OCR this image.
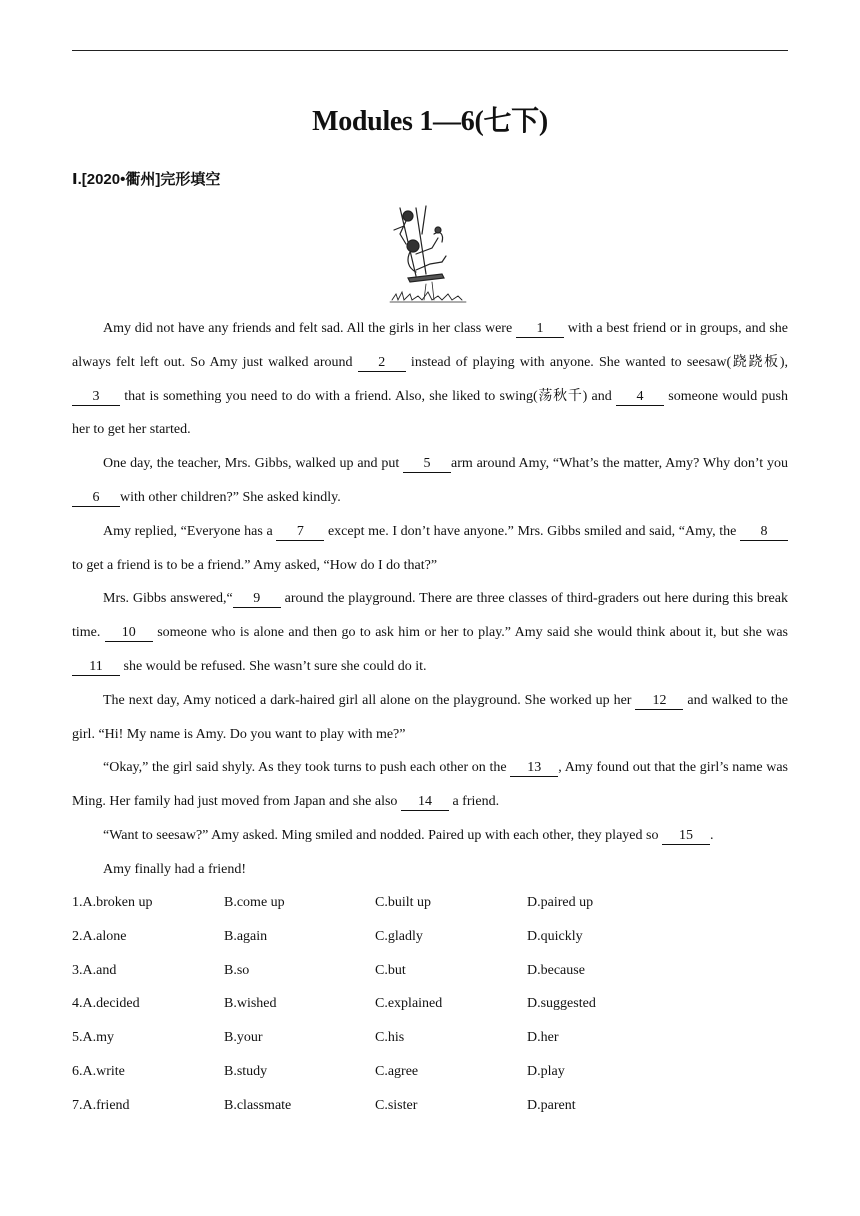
Modules 1—6(七下)
Ⅰ.[2020•衢州]完形填空

Amy did not have any friends and felt sad. All the girls in her class were 1 with a best friend or in groups, and she always felt left out. So Amy just walked around 2 instead of playing with anyone. She wanted to seesaw(跷跷板),3 that is something you need to do with a friend. Also, she liked to swing(荡秋千) and 4 someone would push her to get her started.

One day, the teacher, Mrs. Gibbs, walked up and put 5 arm around Amy, “What’s the matter, Amy? Why don’t you 6 with other children?” She asked kindly.

Amy replied, “Everyone has a 7 except me. I don’t have anyone.” Mrs. Gibbs smiled and said, “Amy, the 8 to get a friend is to be a friend.” Amy asked, “How do I do that?”

Mrs. Gibbs answered,“ 9 around the playground. There are three classes of third-graders out here during this break time. 10 someone who is alone and then go to ask him or her to play.” Amy said she would think about it, but she was 11 she would be refused. She wasn’t sure she could do it.

The next day, Amy noticed a dark-haired girl all alone on the playground. She worked up her 12 and walked to the girl. “Hi! My name is Amy. Do you want to play with me?”

“Okay,” the girl said shyly. As they took turns to push each other on the 13 , Amy found out that the girl’s name was Ming. Her family had just moved from Japan and she also 14 a friend.

“Want to seesaw?” Amy asked. Ming smiled and nodded. Paired up with each other, they played so 15 .

Amy finally had a friend!

1.A.broken up	B.come up	C.built up	D.paired up
2.A.alone	B.again	C.gladly	D.quickly
3.A.and	B.so	C.but	D.because
4.A.decided	B.wished	C.explained	D.suggested
5.A.my	B.your	C.his	D.her
6.A.write	B.study	C.agree	D.play
7.A.friend	B.classmate	C.sister	D.parent
